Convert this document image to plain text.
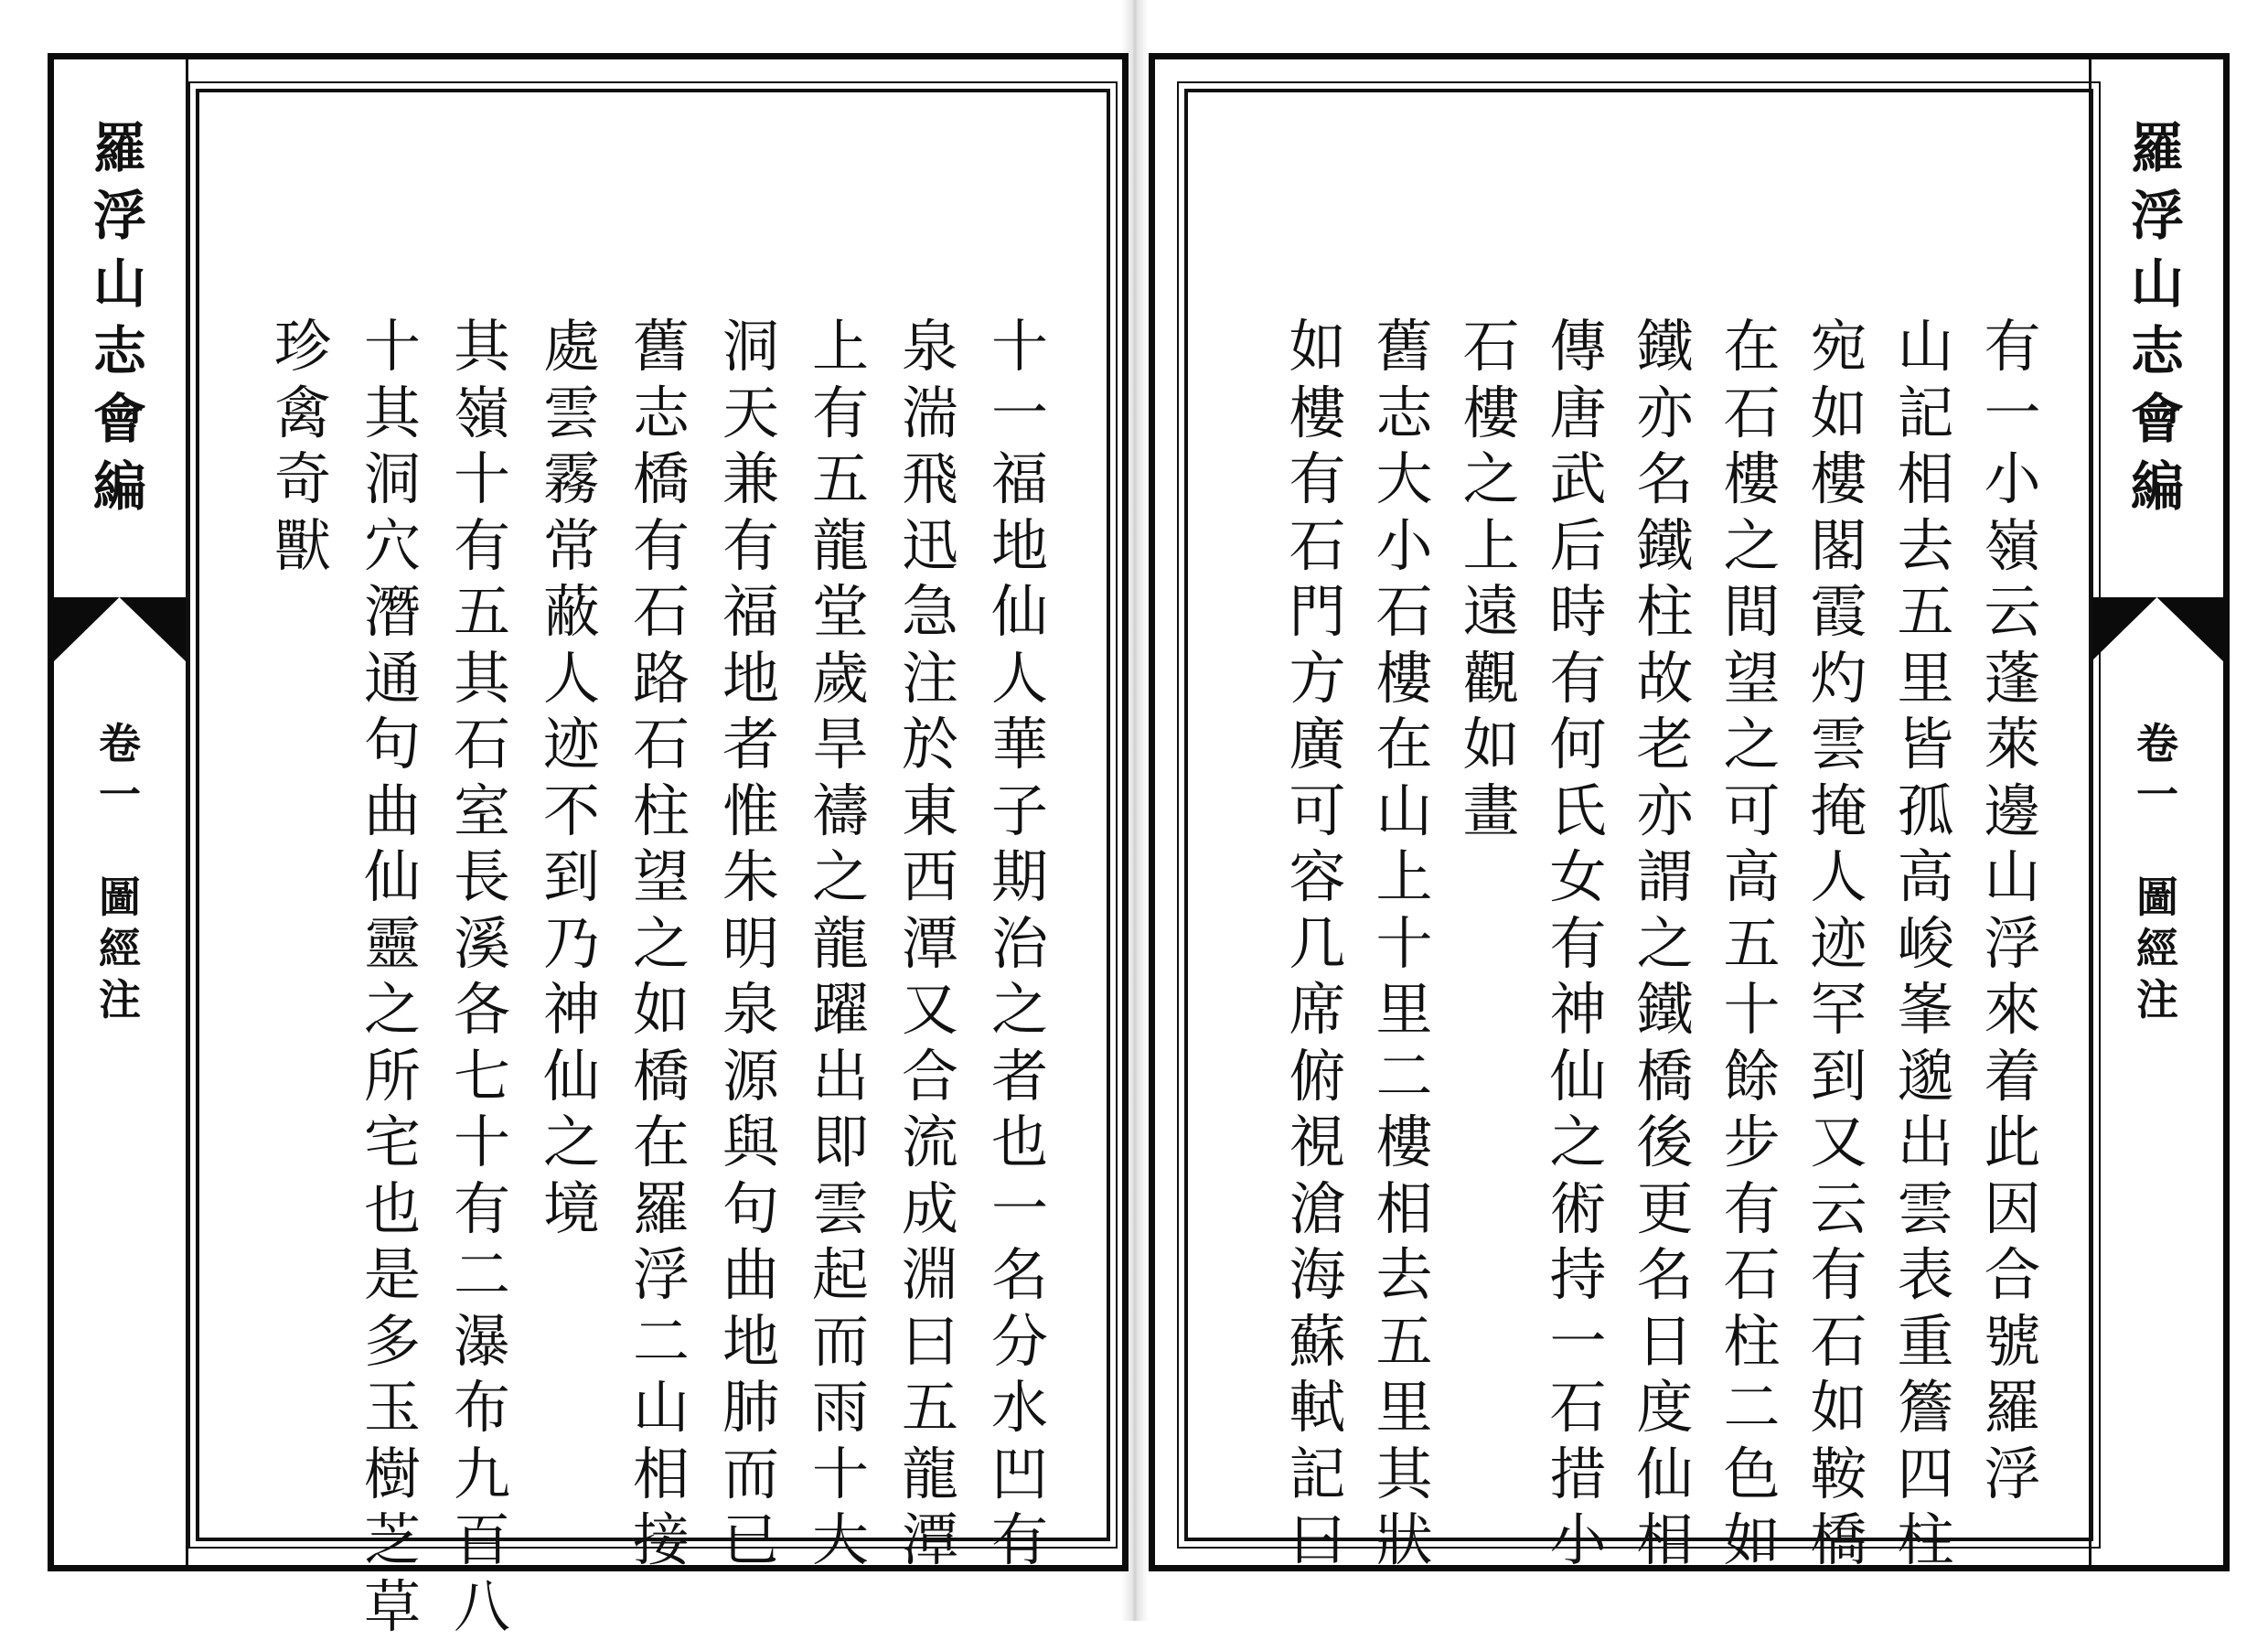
羅
浮
山
志
會
編
卷
一
圖
經
注
十
一
福
地
仙
人
華
子
期
治
之
者
也
一
名
分
水
凹
有
泉
湍
飛
迅
急
注
於
東
西
潭
又
合
流
成
淵
曰
五
龍
潭
上
有
五
龍
堂
歲
旱
禱
之
龍
躍
出
即
雲
起
而
雨
十
大
洞
天
兼
有
福
地
者
惟
朱
明
泉
源
與
句
曲
地
肺
而
已
舊
志
橋
有
石
路
石
柱
望
之
如
橋
在
羅
浮
二
山
相
接
處
雲
霧
常
蔽
人
迹
不
到
乃
神
仙
之
境
其
嶺
十
有
五
其
石
室
長
溪
各
七
十
有
二
瀑
布
九
百
八
十
其
洞
穴
潛
通
句
曲
仙
靈
之
所
宅
也
是
多
玉
樹
芝
草
珍
禽
奇
獸
有
一
小
嶺
云
蓬
萊
邊
山
浮
來
着
此
因
合
號
羅
浮
山
記
相
去
五
里
皆
孤
高
峻
峯
邈
出
雲
表
重
簷
四
柱
宛
如
樓
閣
霞
灼
雲
掩
人
迹
罕
到
又
云
有
石
如
鞍
橋
在
石
樓
之
間
望
之
可
高
五
十
餘
步
有
石
柱
二
色
如
鐵
亦
名
鐵
柱
故
老
亦
謂
之
鐵
橋
後
更
名
日
度
仙
相
傳
唐
武
后
時
有
何
氏
女
有
神
仙
之
術
持
一
石
措
小
石
樓
之
上
遠
觀
如
畫
舊
志
大
小
石
樓
在
山
上
十
里
二
樓
相
去
五
里
其
狀
如
樓
有
石
門
方
廣
可
容
几
席
俯
視
滄
海
蘇
軾
記
曰
羅
浮
山
志
會
編
卷
一
圖
經
注
